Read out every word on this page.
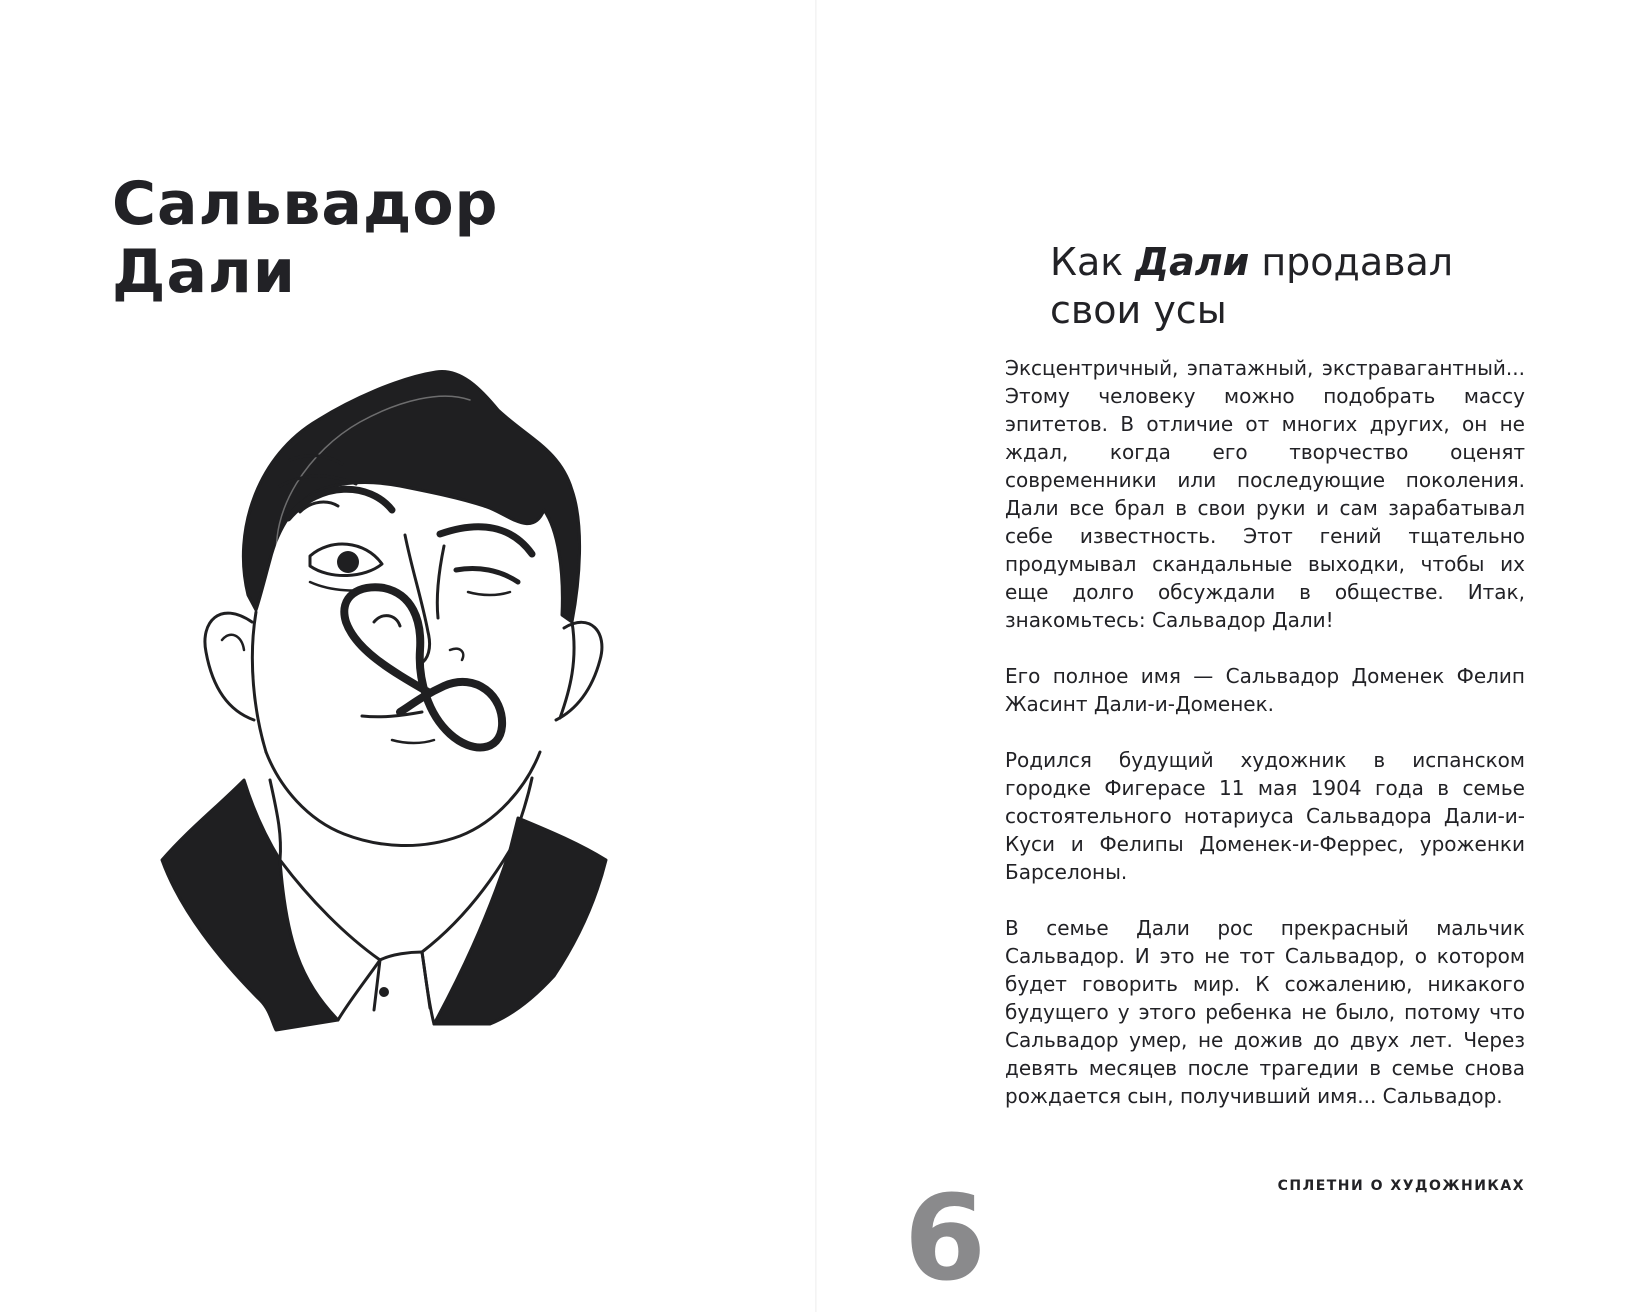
Сальвадор
Дали	Как Дали продавал свои усы

Эксцентричный, эпатажный, экстравагантный... Этому человеку можно подобрать массу эпитетов. В отличие от многих других, он не ждал, когда его творчество оценят современники или последующие поколения. Дали все брал в свои руки и сам зарабатывал себе известность. Этот гений тщательно продумывал скандальные выходки, чтобы их еще долго обсуждали в обществе. Итак, знакомьтесь: Сальвадор Дали!

Его полное имя — Сальвадор Доменек Фелип Жасинт Дали-и-Доменек.

Родился будущий художник в испанском городке Фигерасе 11 мая 1904 года в семье состоятельного нотариуса Сальвадора Дали-и-Куси и Фелипы Доменек-и-Феррес, уроженки Барселоны.

В семье Дали рос прекрасный мальчик Сальвадор. И это не тот Сальвадор, о котором будет говорить мир. К сожалению, никакого будущего у этого ребенка не было, потому что Сальвадор умер, не дожив до двух лет. Через девять месяцев после трагедии в семье снова рождается сын, получивший имя... Сальвадор.

СПЛЕТНИ О ХУДОЖНИКАХ
6
